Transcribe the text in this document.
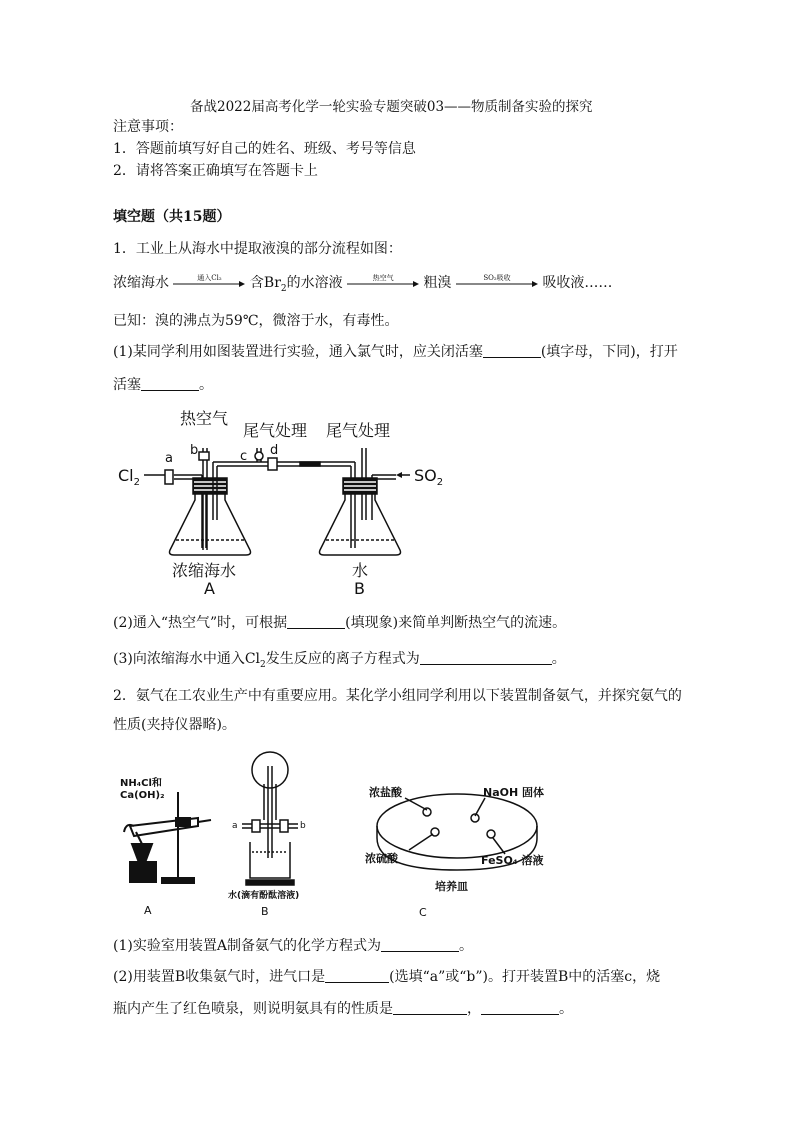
备战2022届高考化学一轮实验专题突破03——物质制备实验的探究
注意事项：
1．答题前填写好自己的姓名、班级、考号等信息
2．请将答案正确填写在答题卡上
填空题（共15题）
1．工业上从海水中提取液溴的部分流程如图：
浓缩海水	通入Cl₂	含$Br_2$的水溶液	热空气	粗溴	SO₂吸收	吸收液……
已知：溴的沸点为59℃，微溶于水，有毒性。
(1)某同学利用如图装置进行实验，通入氯气时，应关闭活塞	(填字母，下同)，打开
活塞	。
热空气
尾气处理 尾气处理
$Cl_2$	$SO_2$
a
b	c d
浓缩海水
A
水
B
(2)通入“热空气”时，可根据	(填现象)来简单判断热空气的流速。
(3)向浓缩海水中通入$Cl_2$发生反应的离子方程式为	。
2．氨气在工农业生产中有重要应用。某化学小组同学利用以下装置制备氨气，并探究氨气的
性质(夹持仪器略)。
NH₄Cl和
Ca(OH)₂
A
a	b
水(滴有酚酞溶液)
B
浓盐酸	NaOH 固体
浓硫酸	FeSO₄ 溶液
培养皿
C
(1)实验室用装置A制备氨气的化学方程式为	。
(2)用装置B收集氨气时，进气口是	(选填“a”或“b”)。打开装置B中的活塞c，烧
瓶内产生了红色喷泉，则说明氨具有的性质是	，	。
